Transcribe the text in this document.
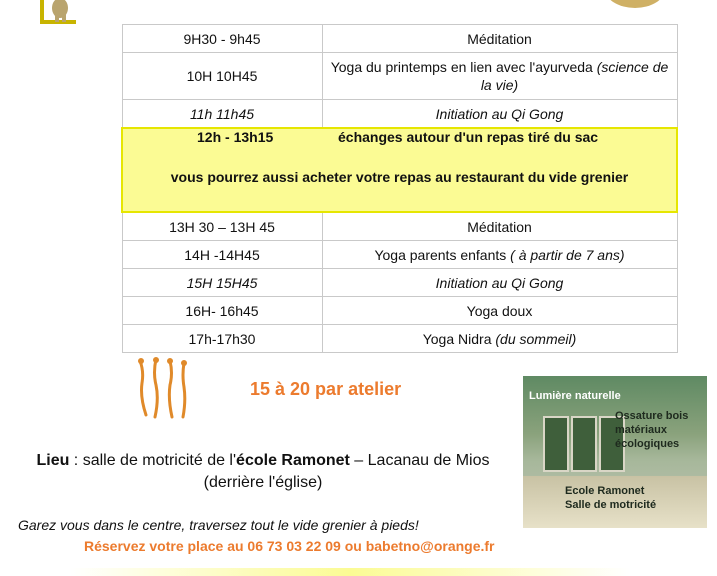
9H30 - 9h45	Méditation
10H 10H45	Yoga du printemps en lien avec l'ayurveda (science de la vie)
11h 11h45	Initiation au Qi Gong

12h - 13h15 échanges autour d'un repas tiré du sac
vous pourrez aussi acheter votre repas au restaurant du vide grenier	

13H 30 – 13H 45	Méditation
14H -14H45	Yoga parents enfants ( à partir de 7 ans)
15H 15H45	Initiation au Qi Gong
16H- 16h45	Yoga doux
17h-17h30	Yoga Nidra (du sommeil)
15 à 20 par atelier	Lumière naturelle
Ossature bois matériaux écologiques
Ecole Ramonet
Salle de motricité
Lieu : salle de motricité de l'école Ramonet – Lacanau de Mios
(derrière l'église)
Garez vous dans le centre, traversez tout le vide grenier à pieds!
Réservez votre place au 06 73 03 22 09 ou babetno@orange.fr
